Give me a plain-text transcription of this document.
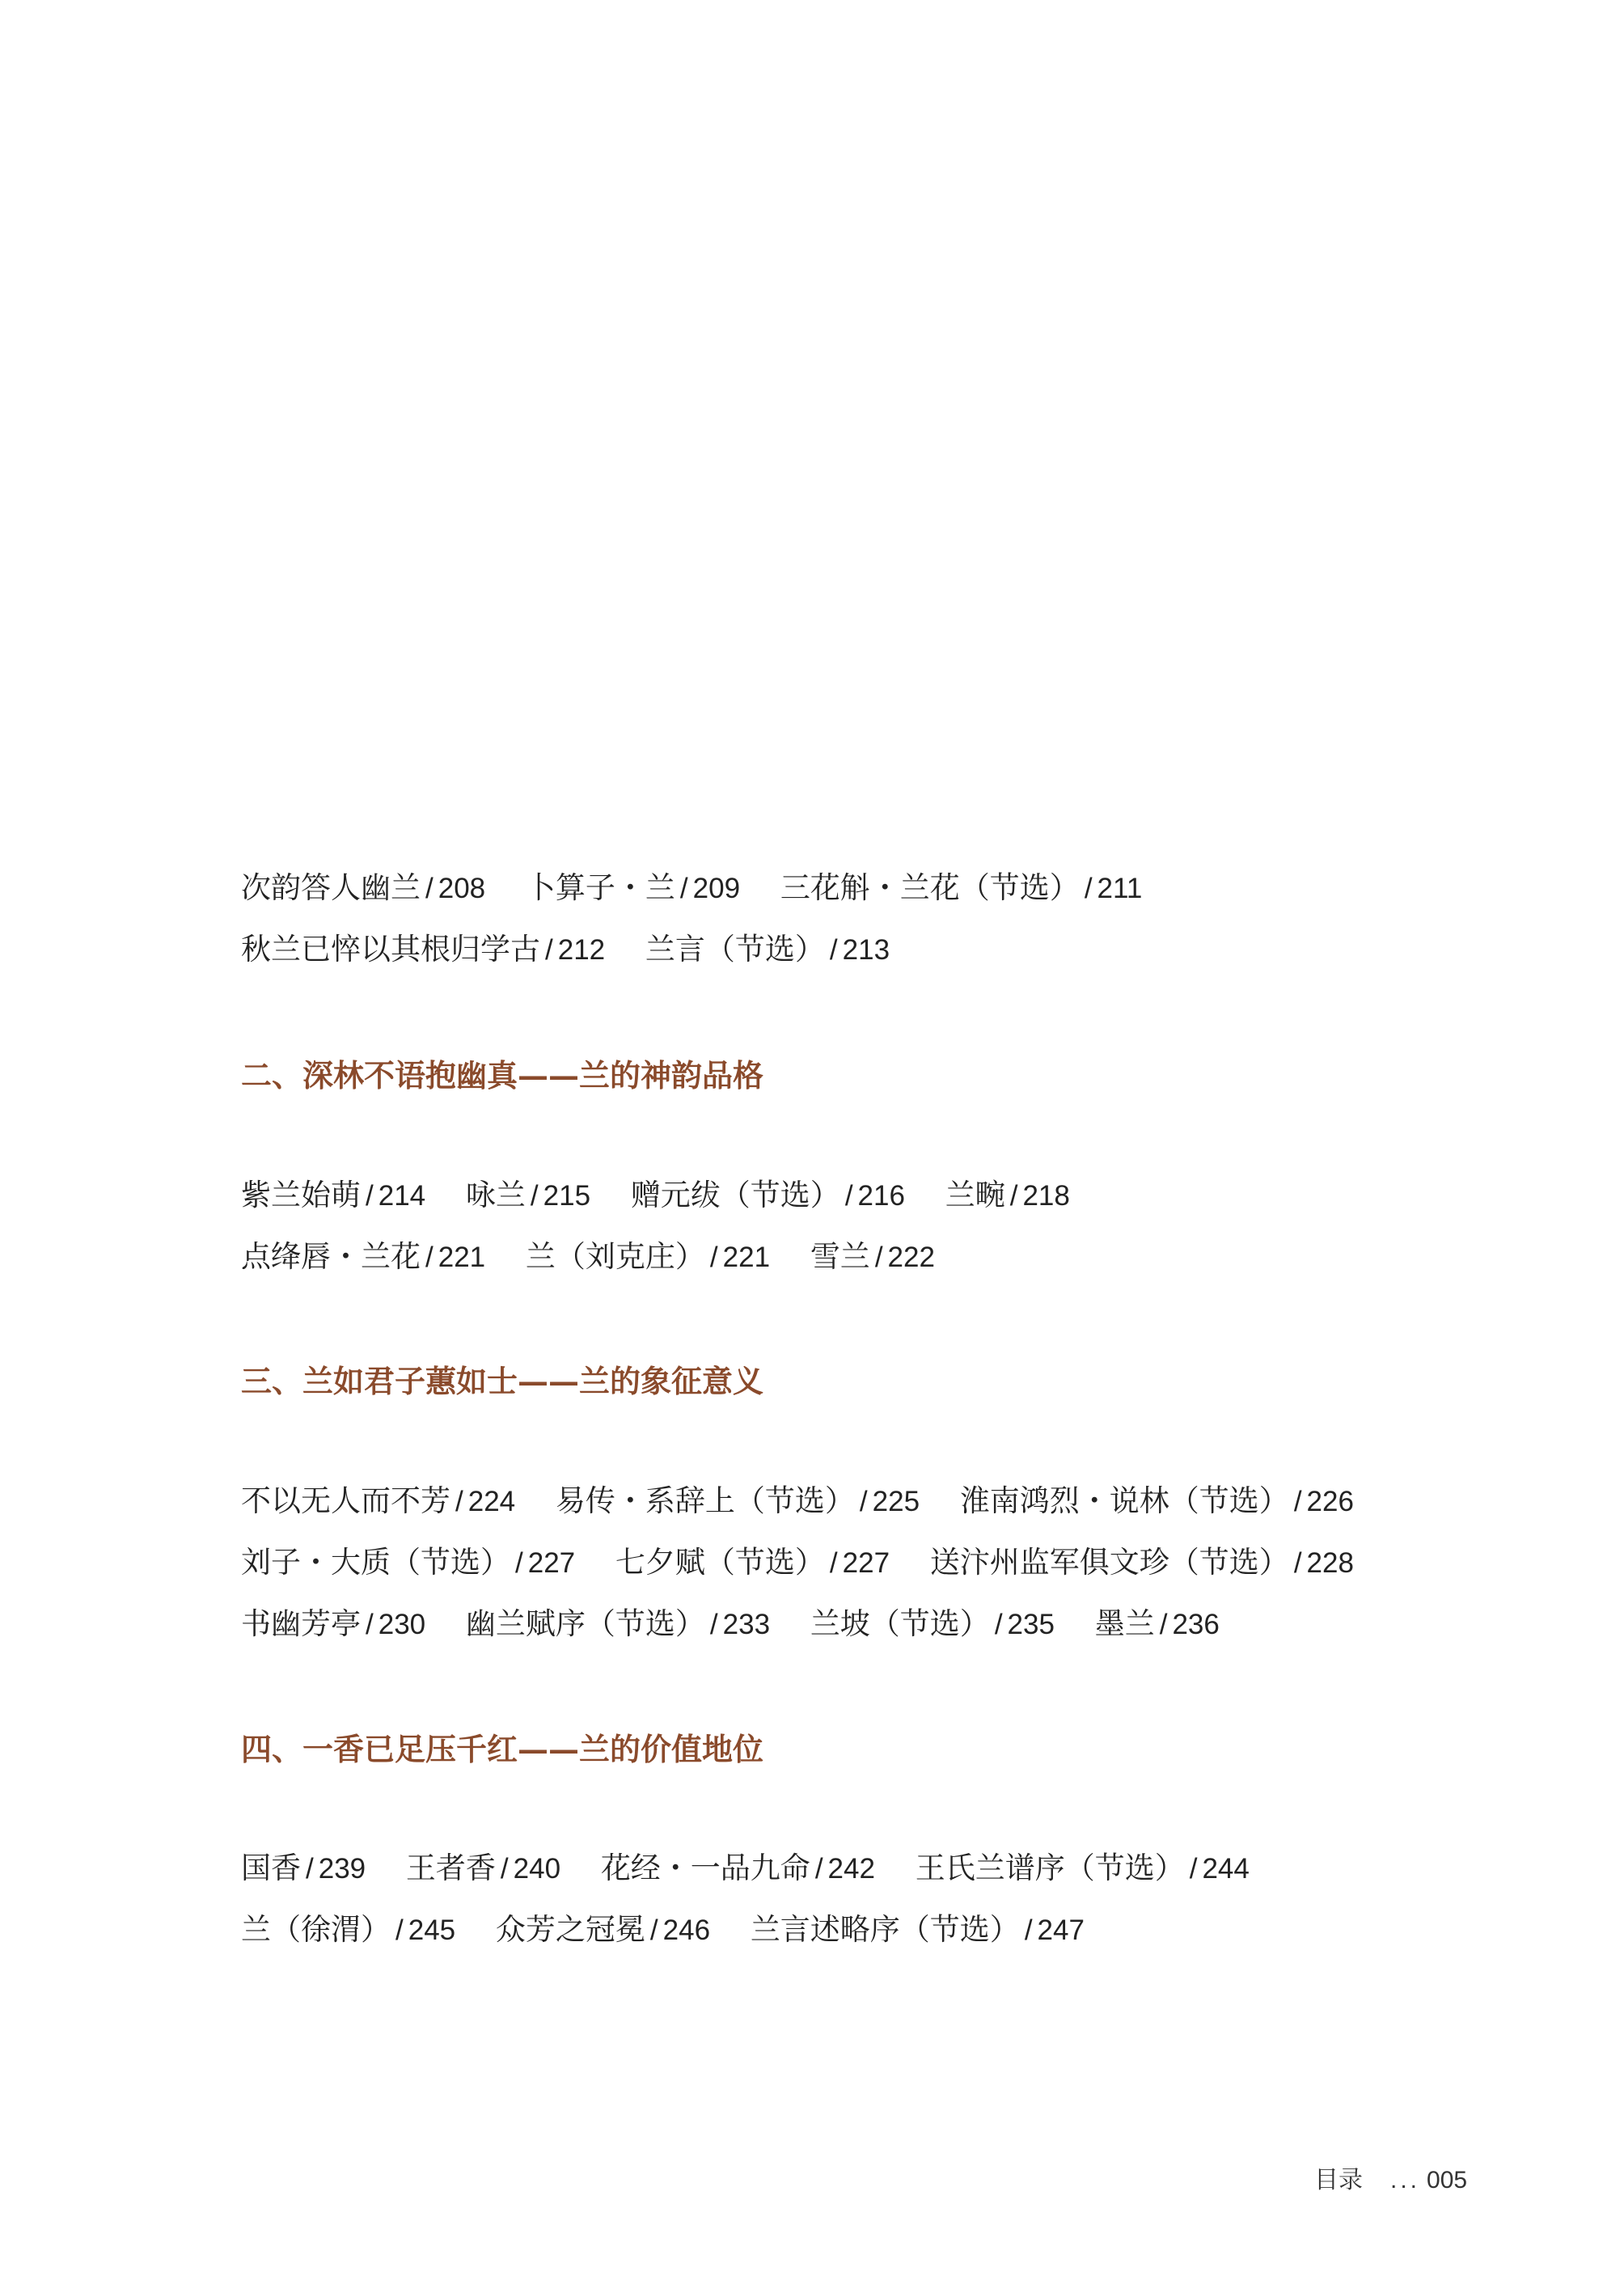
次韵答人幽兰 / 208 卜算子・兰 / 209 三花斛・兰花（节选） / 211
秋兰已悴以其根归学古 / 212 兰言（节选） / 213
二、深林不语抱幽真——兰的神韵品格
紫兰始萌 / 214 咏兰 / 215 赠元绂（节选） / 216 兰畹 / 218
点绛唇・兰花 / 221 兰（刘克庄） / 221 雪兰 / 222
三、兰如君子蕙如士——兰的象征意义
不以无人而不芳 / 224 易传・系辞上（节选） / 225 淮南鸿烈・说林（节选） / 226
刘子・大质（节选） / 227 七夕赋（节选） / 227 送汴州监军俱文珍（节选） / 228
书幽芳亭 / 230 幽兰赋序（节选） / 233 兰坡（节选） / 235 墨兰 / 236
四、一香已足压千红——兰的价值地位
国香 / 239 王者香 / 240 花经・一品九命 / 242 王氏兰谱序（节选） / 244
兰（徐渭） / 245 众芳之冠冕 / 246 兰言述略序（节选） / 247
目录 ... 005
